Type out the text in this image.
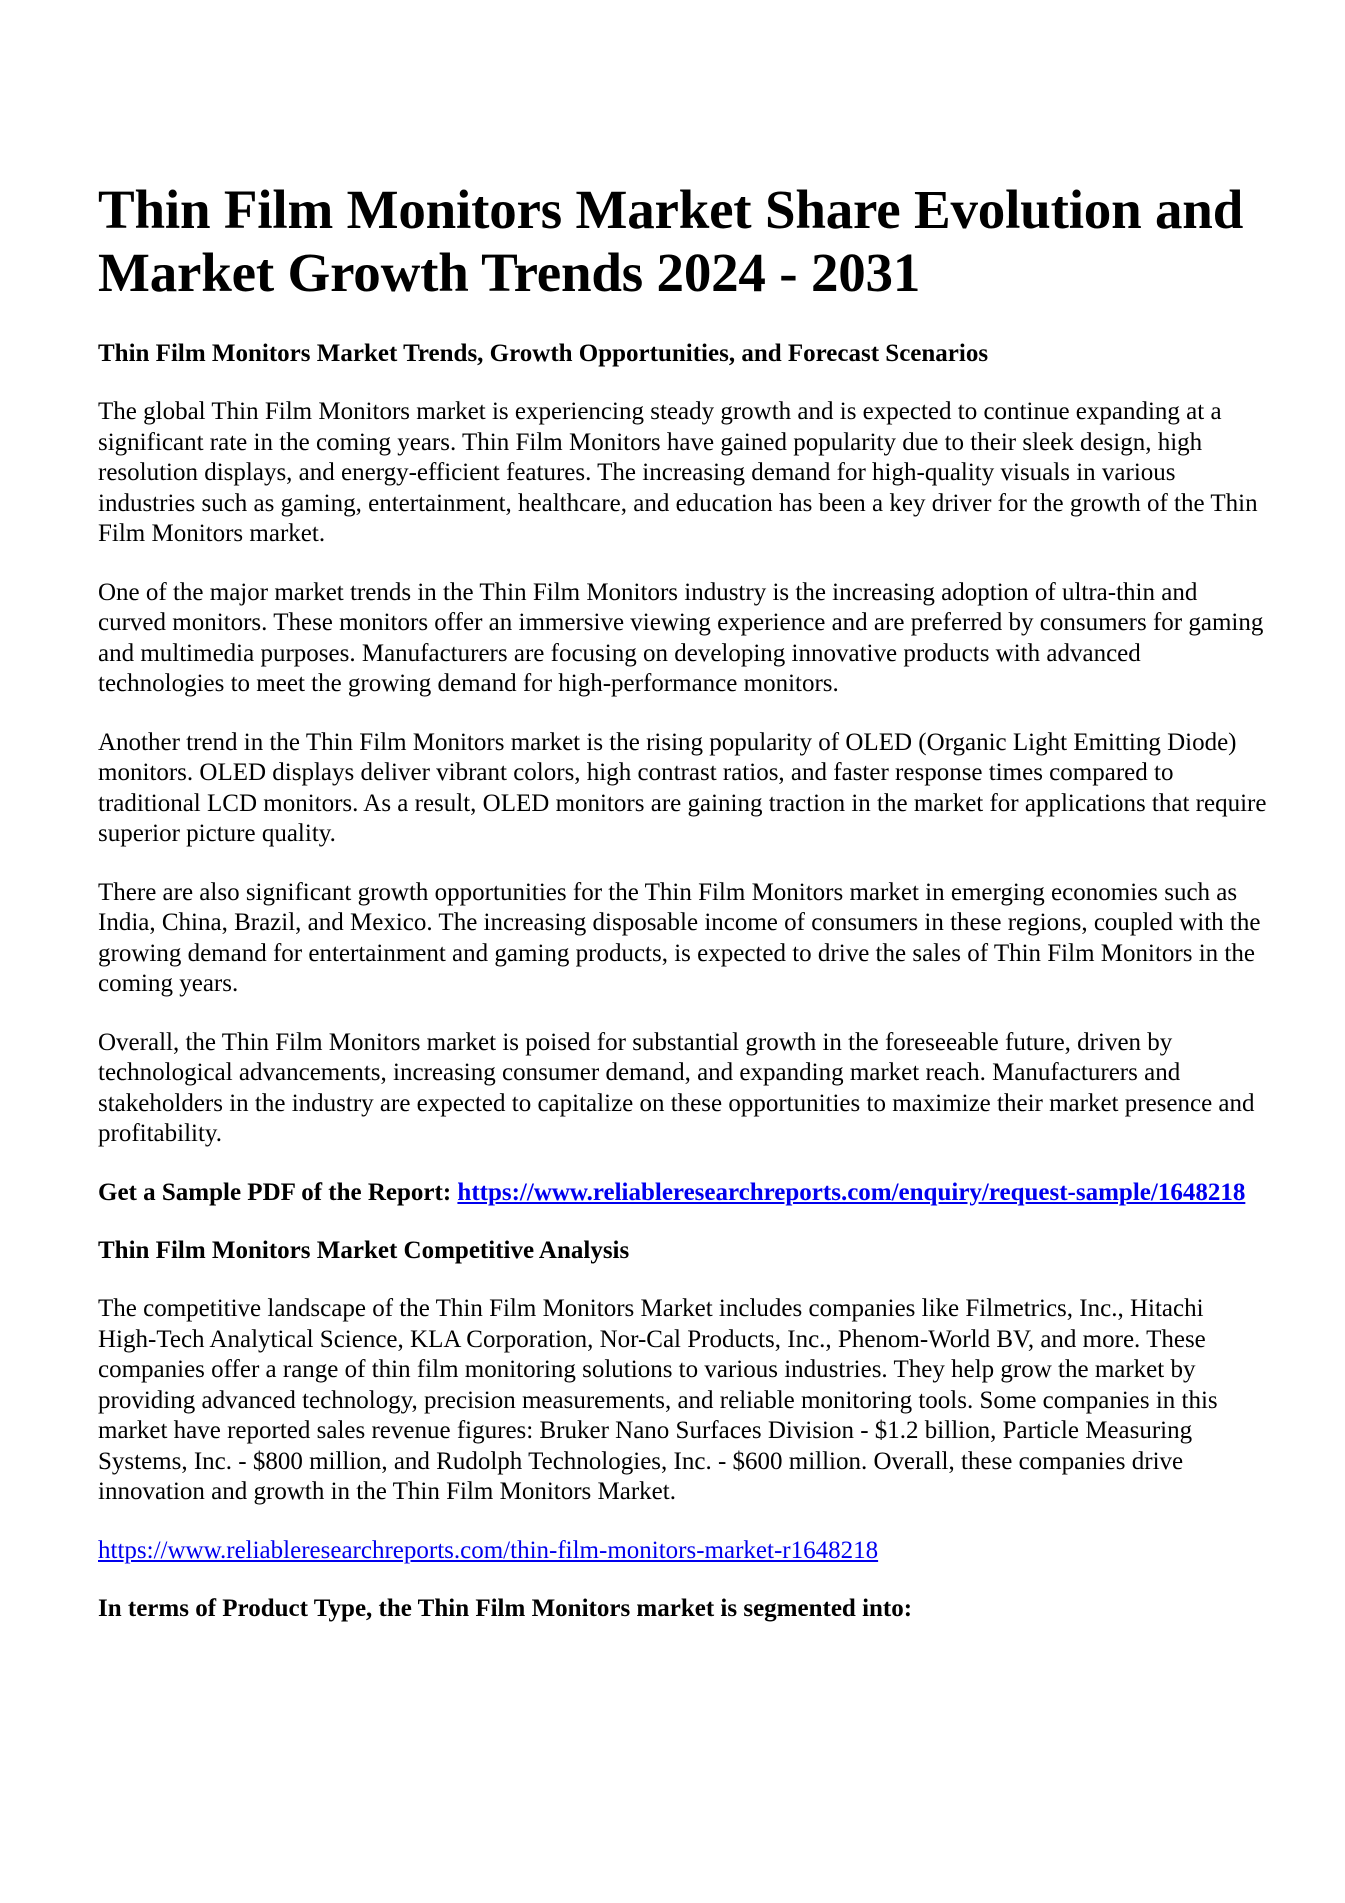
Thin Film Monitors Market Share Evolution and Market Growth Trends 2024 - 2031
Thin Film Monitors Market Trends, Growth Opportunities, and Forecast Scenarios

The global Thin Film Monitors market is experiencing steady growth and is expected to continue expanding at a significant rate in the coming years. Thin Film Monitors have gained popularity due to their sleek design, high resolution displays, and energy-efficient features. The increasing demand for high-quality visuals in various industries such as gaming, entertainment, healthcare, and education has been a key driver for the growth of the Thin Film Monitors market.

One of the major market trends in the Thin Film Monitors industry is the increasing adoption of ultra-thin and curved monitors. These monitors offer an immersive viewing experience and are preferred by consumers for gaming and multimedia purposes. Manufacturers are focusing on developing innovative products with advanced technologies to meet the growing demand for high-performance monitors.

Another trend in the Thin Film Monitors market is the rising popularity of OLED (Organic Light Emitting Diode) monitors. OLED displays deliver vibrant colors, high contrast ratios, and faster response times compared to traditional LCD monitors. As a result, OLED monitors are gaining traction in the market for applications that require superior picture quality.

There are also significant growth opportunities for the Thin Film Monitors market in emerging economies such as India, China, Brazil, and Mexico. The increasing disposable income of consumers in these regions, coupled with the growing demand for entertainment and gaming products, is expected to drive the sales of Thin Film Monitors in the coming years.

Overall, the Thin Film Monitors market is poised for substantial growth in the foreseeable future, driven by technological advancements, increasing consumer demand, and expanding market reach. Manufacturers and stakeholders in the industry are expected to capitalize on these opportunities to maximize their market presence and profitability.

Get a Sample PDF of the Report: https://www.reliableresearchreports.com/enquiry/request-sample/1648218

Thin Film Monitors Market Competitive Analysis

The competitive landscape of the Thin Film Monitors Market includes companies like Filmetrics, Inc., Hitachi High-Tech Analytical Science, KLA Corporation, Nor-Cal Products, Inc., Phenom-World BV, and more. These companies offer a range of thin film monitoring solutions to various industries. They help grow the market by providing advanced technology, precision measurements, and reliable monitoring tools. Some companies in this market have reported sales revenue figures: Bruker Nano Surfaces Division - $1.2 billion, Particle Measuring Systems, Inc. - $800 million, and Rudolph Technologies, Inc. - $600 million. Overall, these companies drive innovation and growth in the Thin Film Monitors Market.

https://www.reliableresearchreports.com/thin-film-monitors-market-r1648218

In terms of Product Type, the Thin Film Monitors market is segmented into:
